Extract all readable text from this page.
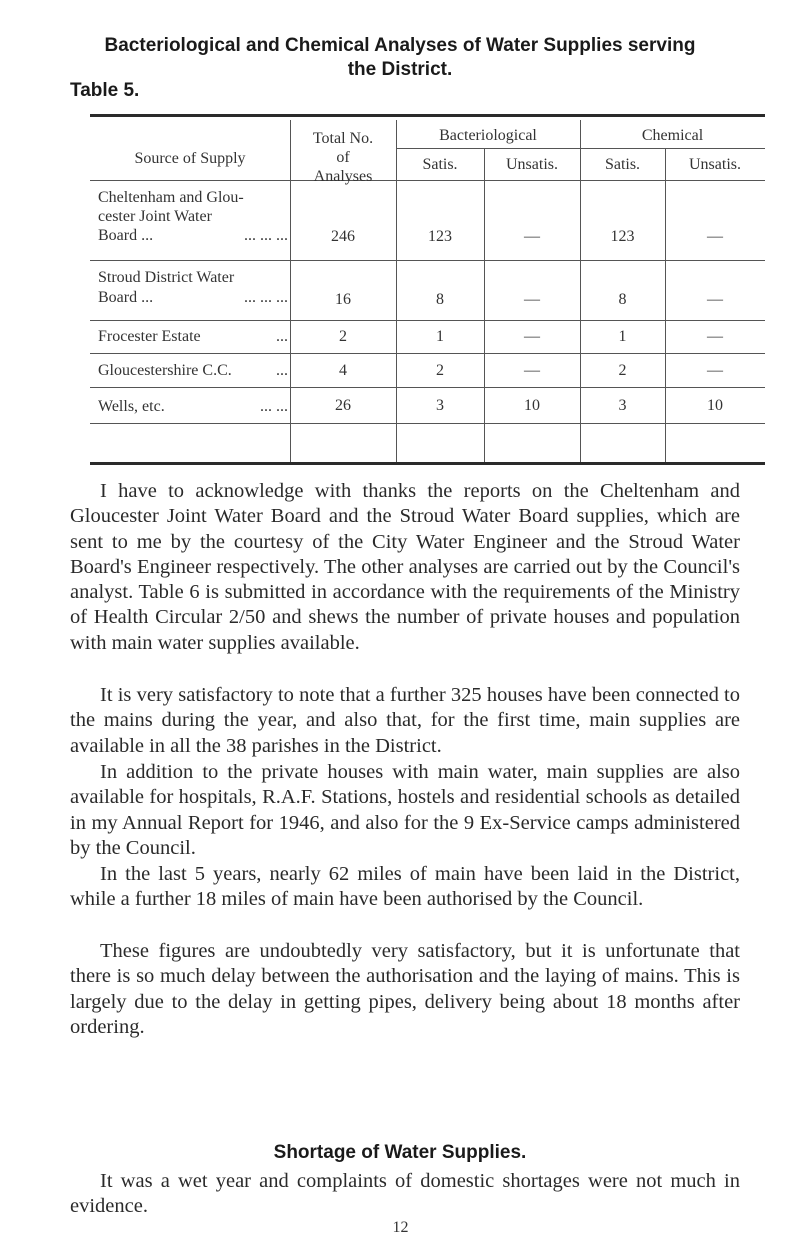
Bacteriological and Chemical Analyses of Water Supplies serving
the District.
Table 5.
Source of Supply
Total No.
of
Analyses
Bacteriological	Chemical
Satis.	Unsatis.	Satis.	Unsatis.
Cheltenham and Glou-
cester Joint Water
Board ...	... ... ...	246	123	—	123	—
Stroud District Water
Board ...	... ... ...	16	8	—	8	—
Frocester Estate	...	2	1	—	1	—
Gloucestershire C.C.	...	4	2	—	2	—
Wells, etc.	... ...	26	3	10	3	10
I have to acknowledge with thanks the reports on the Cheltenham and Gloucester Joint Water Board and the Stroud Water Board supplies, which are sent to me by the courtesy of the City Water Engineer and the Stroud Water Board's Engineer respectively. The other analyses are carried out by the Council's analyst. Table 6 is submitted in accordance with the requirements of the Ministry of Health Circular 2/50 and shews the number of private houses and population with main water supplies available.
It is very satisfactory to note that a further 325 houses have been connected to the mains during the year, and also that, for the first time, main supplies are available in all the 38 parishes in the District.
In addition to the private houses with main water, main supplies are also available for hospitals, R.A.F. Stations, hostels and residential schools as detailed in my Annual Report for 1946, and also for the 9 Ex-Service camps administered by the Council.
In the last 5 years, nearly 62 miles of main have been laid in the District, while a further 18 miles of main have been authorised by the Council.
These figures are undoubtedly very satisfactory, but it is unfortunate that there is so much delay between the authorisation and the laying of mains. This is largely due to the delay in getting pipes, delivery being about 18 months after ordering.
Shortage of Water Supplies.
It was a wet year and complaints of domestic shortages were not much in evidence.
12
